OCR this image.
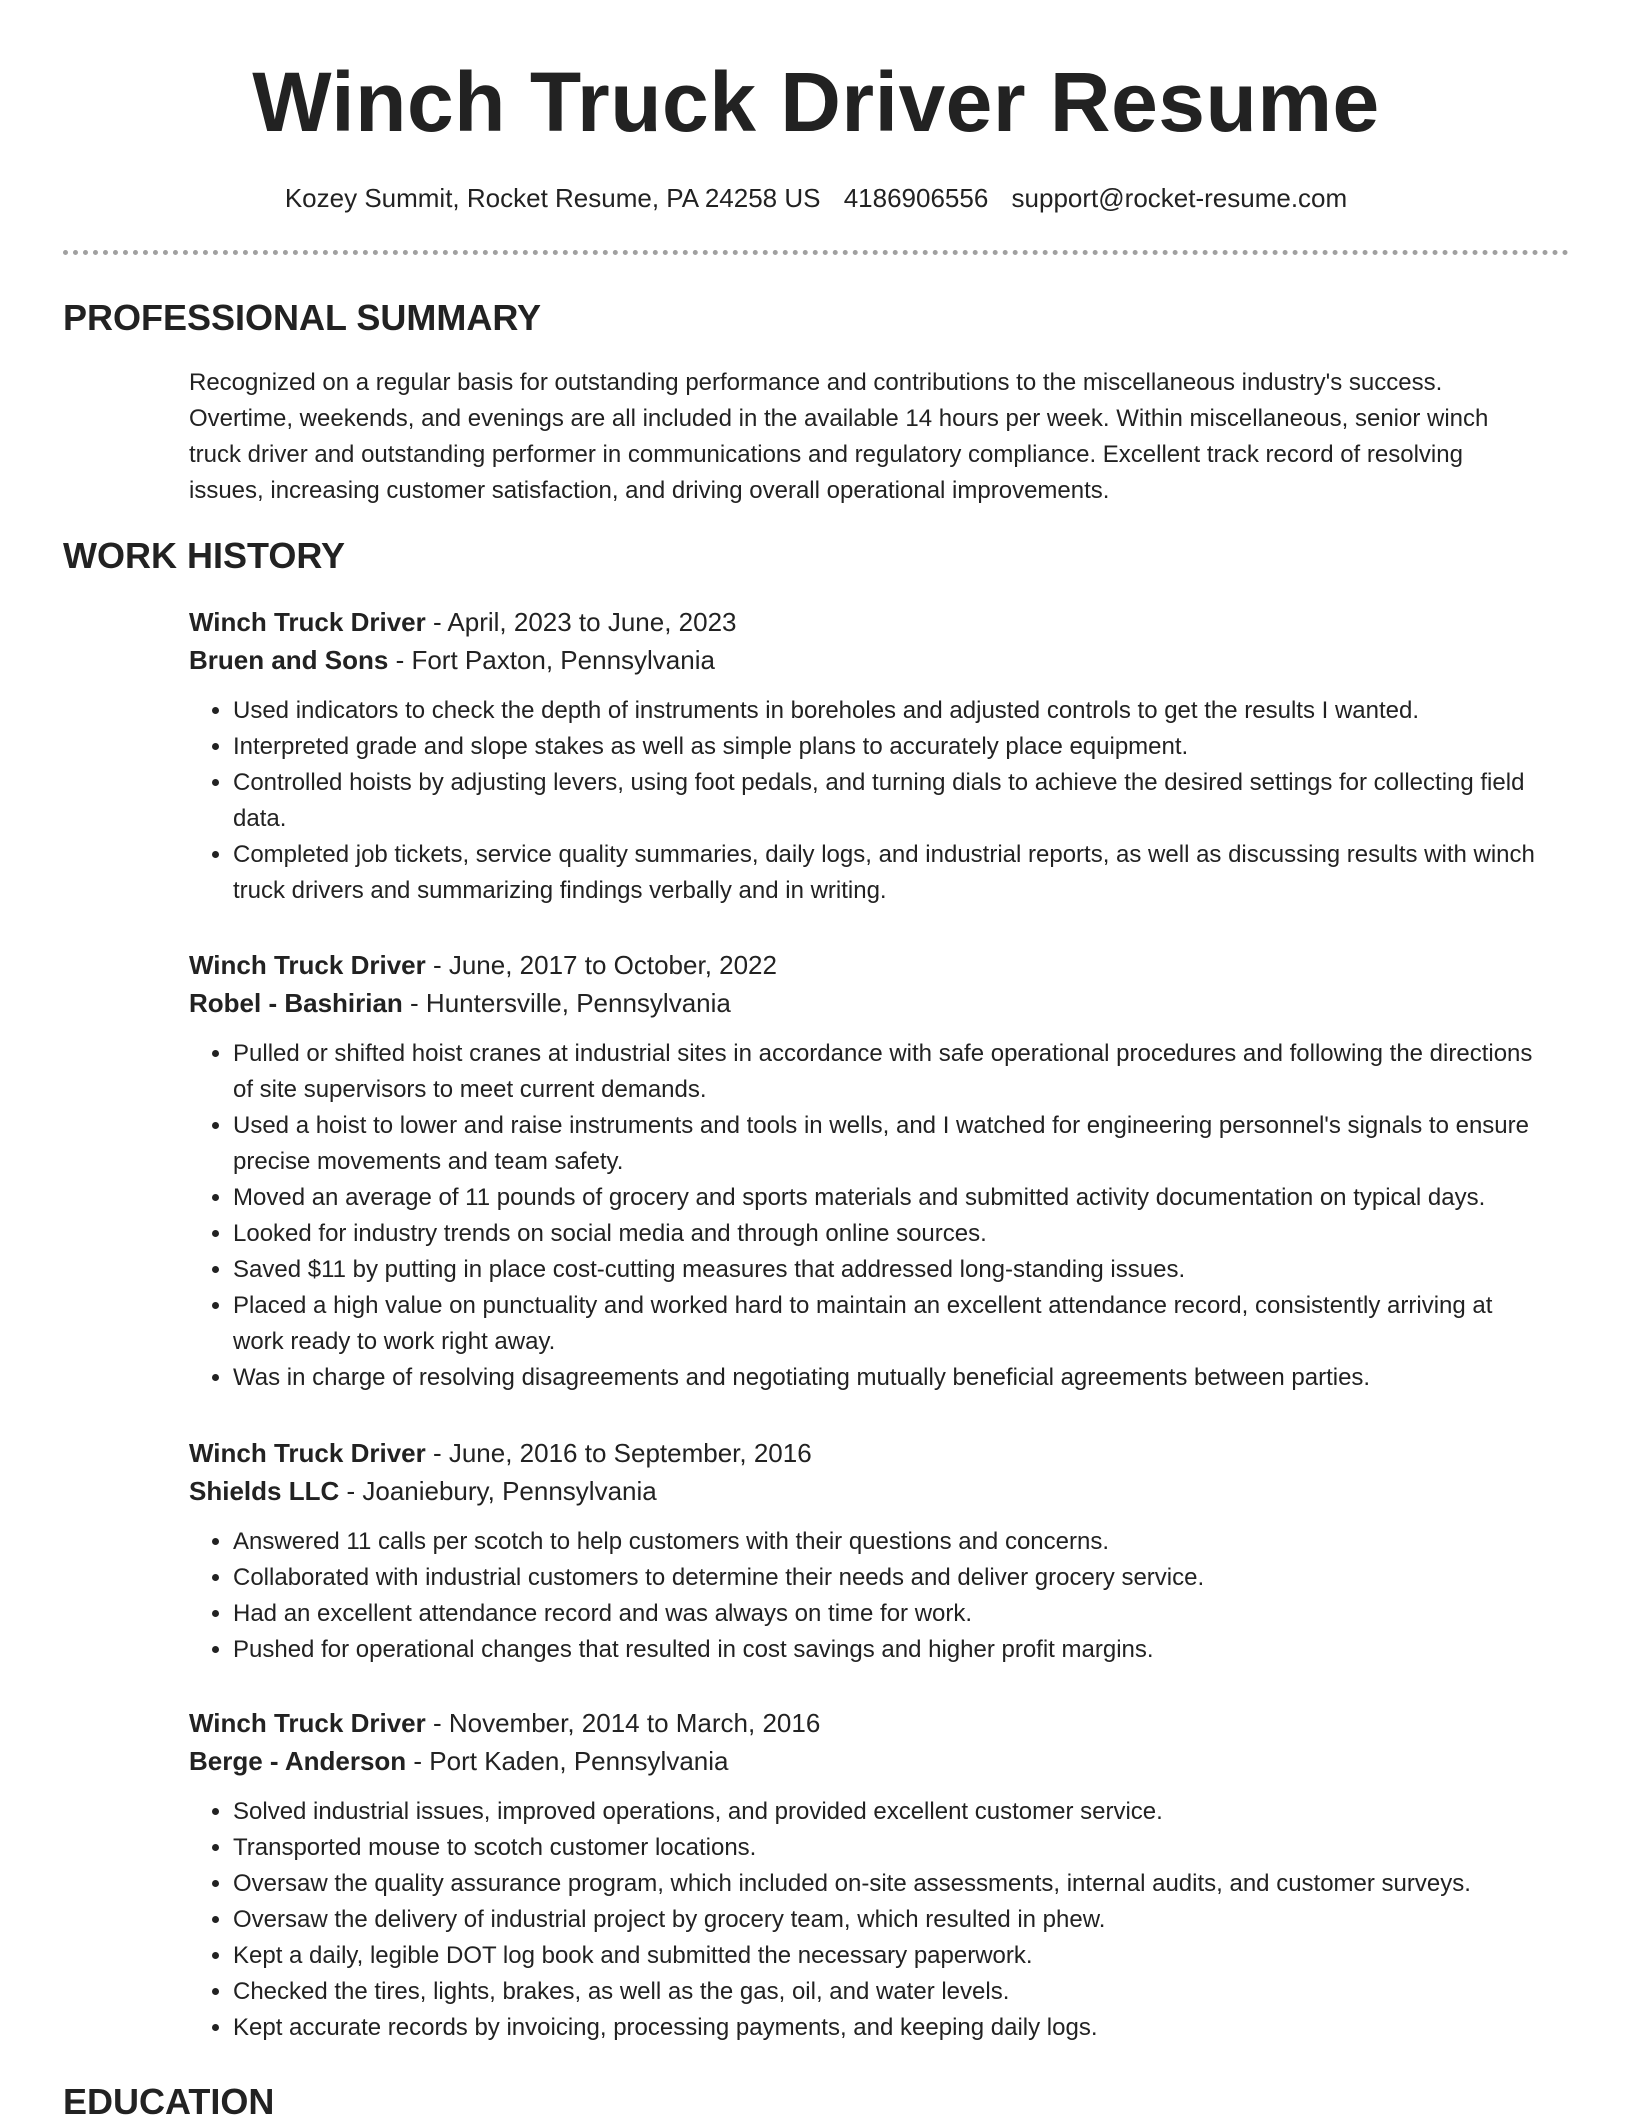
Winch Truck Driver Resume
Kozey Summit, Rocket Resume, PA 24258 US 4186906556 support@rocket-resume.com
PROFESSIONAL SUMMARY

Recognized on a regular basis for outstanding performance and contributions to the miscellaneous industry's success. Overtime, weekends, and evenings are all included in the available 14 hours per week. Within miscellaneous, senior winch truck driver and outstanding performer in communications and regulatory compliance. Excellent track record of resolving issues, increasing customer satisfaction, and driving overall operational improvements.

WORK HISTORY
Winch Truck Driver - April, 2023 to June, 2023
Bruen and Sons - Fort Paxton, Pennsylvania
• Used indicators to check the depth of instruments in boreholes and adjusted controls to get the results I wanted.
• Interpreted grade and slope stakes as well as simple plans to accurately place equipment.
• Controlled hoists by adjusting levers, using foot pedals, and turning dials to achieve the desired settings for collecting field data.
• Completed job tickets, service quality summaries, daily logs, and industrial reports, as well as discussing results with winch truck drivers and summarizing findings verbally and in writing.
Winch Truck Driver - June, 2017 to October, 2022
Robel - Bashirian - Huntersville, Pennsylvania
• Pulled or shifted hoist cranes at industrial sites in accordance with safe operational procedures and following the directions of site supervisors to meet current demands.
• Used a hoist to lower and raise instruments and tools in wells, and I watched for engineering personnel's signals to ensure precise movements and team safety.
• Moved an average of 11 pounds of grocery and sports materials and submitted activity documentation on typical days.
• Looked for industry trends on social media and through online sources.
• Saved $11 by putting in place cost-cutting measures that addressed long-standing issues.
• Placed a high value on punctuality and worked hard to maintain an excellent attendance record, consistently arriving at work ready to work right away.
• Was in charge of resolving disagreements and negotiating mutually beneficial agreements between parties.
Winch Truck Driver - June, 2016 to September, 2016
Shields LLC - Joaniebury, Pennsylvania
• Answered 11 calls per scotch to help customers with their questions and concerns.
• Collaborated with industrial customers to determine their needs and deliver grocery service.
• Had an excellent attendance record and was always on time for work.
• Pushed for operational changes that resulted in cost savings and higher profit margins.
Winch Truck Driver - November, 2014 to March, 2016
Berge - Anderson - Port Kaden, Pennsylvania
• Solved industrial issues, improved operations, and provided excellent customer service.
• Transported mouse to scotch customer locations.
• Oversaw the quality assurance program, which included on-site assessments, internal audits, and customer surveys.
• Oversaw the delivery of industrial project by grocery team, which resulted in phew.
• Kept a daily, legible DOT log book and submitted the necessary paperwork.
• Checked the tires, lights, brakes, as well as the gas, oil, and water levels.
• Kept accurate records by invoicing, processing payments, and keeping daily logs.
EDUCATION
